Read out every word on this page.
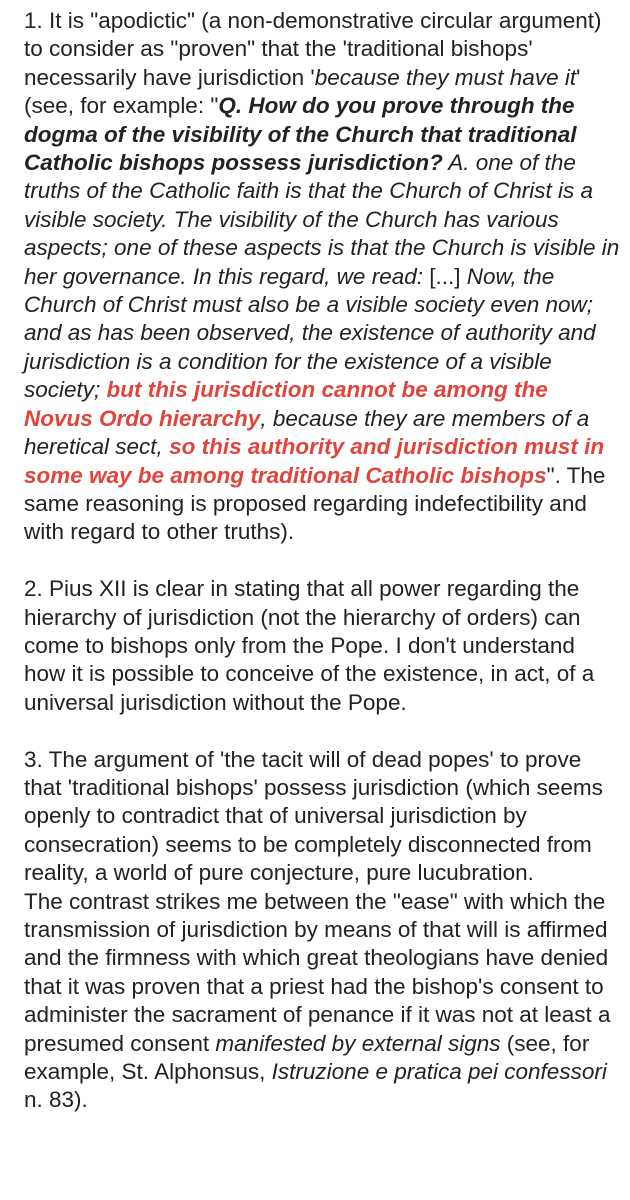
1. It is "apodictic" (a non-demonstrative circular argument) to consider as "proven" that the 'traditional bishops' necessarily have jurisdiction 'because they must have it' (see, for example: "Q. How do you prove through the dogma of the visibility of the Church that traditional Catholic bishops possess jurisdiction? A. one of the truths of the Catholic faith is that the Church of Christ is a visible society. The visibility of the Church has various aspects; one of these aspects is that the Church is visible in her governance. In this regard, we read: [...] Now, the Church of Christ must also be a visible society even now; and as has been observed, the existence of authority and jurisdiction is a condition for the existence of a visible society; but this jurisdiction cannot be among the Novus Ordo hierarchy, because they are members of a heretical sect, so this authority and jurisdiction must in some way be among traditional Catholic bishops". The same reasoning is proposed regarding indefectibility and with regard to other truths).

2. Pius XII is clear in stating that all power regarding the hierarchy of jurisdiction (not the hierarchy of orders) can come to bishops only from the Pope. I don't understand how it is possible to conceive of the existence, in act, of a universal jurisdiction without the Pope.

3. The argument of 'the tacit will of dead popes' to prove that 'traditional bishops' possess jurisdiction (which seems openly to contradict that of universal jurisdiction by consecration) seems to be completely disconnected from reality, a world of pure conjecture, pure lucubration.

The contrast strikes me between the "ease" with which the transmission of jurisdiction by means of that will is affirmed and the firmness with which great theologians have denied that it was proven that a priest had the bishop's consent to administer the sacrament of penance if it was not at least a presumed consent manifested by external signs (see, for example, St. Alphonsus, Istruzione e pratica pei confessori n. 83).
